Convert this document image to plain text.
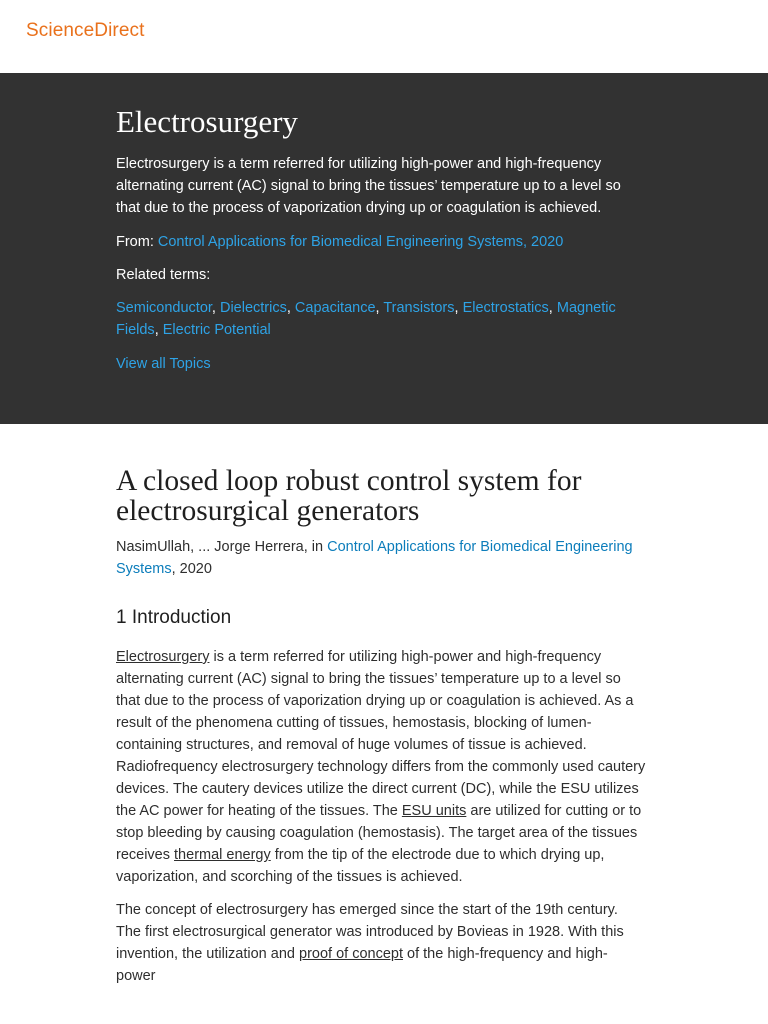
ScienceDirect
Electrosurgery

Electrosurgery is a term referred for utilizing high-power and high-frequency alternating current (AC) signal to bring the tissues’ temperature up to a level so that due to the process of vaporization drying up or coagulation is achieved.

From: Control Applications for Biomedical Engineering Systems, 2020

Related terms:

Semiconductor, Dielectrics, Capacitance, Transistors, Electrostatics, Magnetic Fields, Electric Potential

View all Topics
A closed loop robust control system for electrosurgical generators

NasimUllah, ... Jorge Herrera, in Control Applications for Biomedical Engineering Systems, 2020

1 Introduction

Electrosurgery is a term referred for utilizing high-power and high-frequency alternating current (AC) signal to bring the tissues’ temperature up to a level so that due to the process of vaporization drying up or coagulation is achieved. As a result of the phenomena cutting of tissues, hemostasis, blocking of lumen-containing structures, and removal of huge volumes of tissue is achieved. Radiofrequency electrosurgery technology differs from the commonly used cautery devices. The cautery devices utilize the direct current (DC), while the ESU utilizes the AC power for heating of the tissues. The ESU units are utilized for cutting or to stop bleeding by causing coagulation (hemostasis). The target area of the tissues receives thermal energy from the tip of the electrode due to which drying up, vaporization, and scorching of the tissues is achieved.

The concept of electrosurgery has emerged since the start of the 19th century. The first electrosurgical generator was introduced by Bovieas in 1928. With this invention, the utilization and proof of concept of the high-frequency and high-power
